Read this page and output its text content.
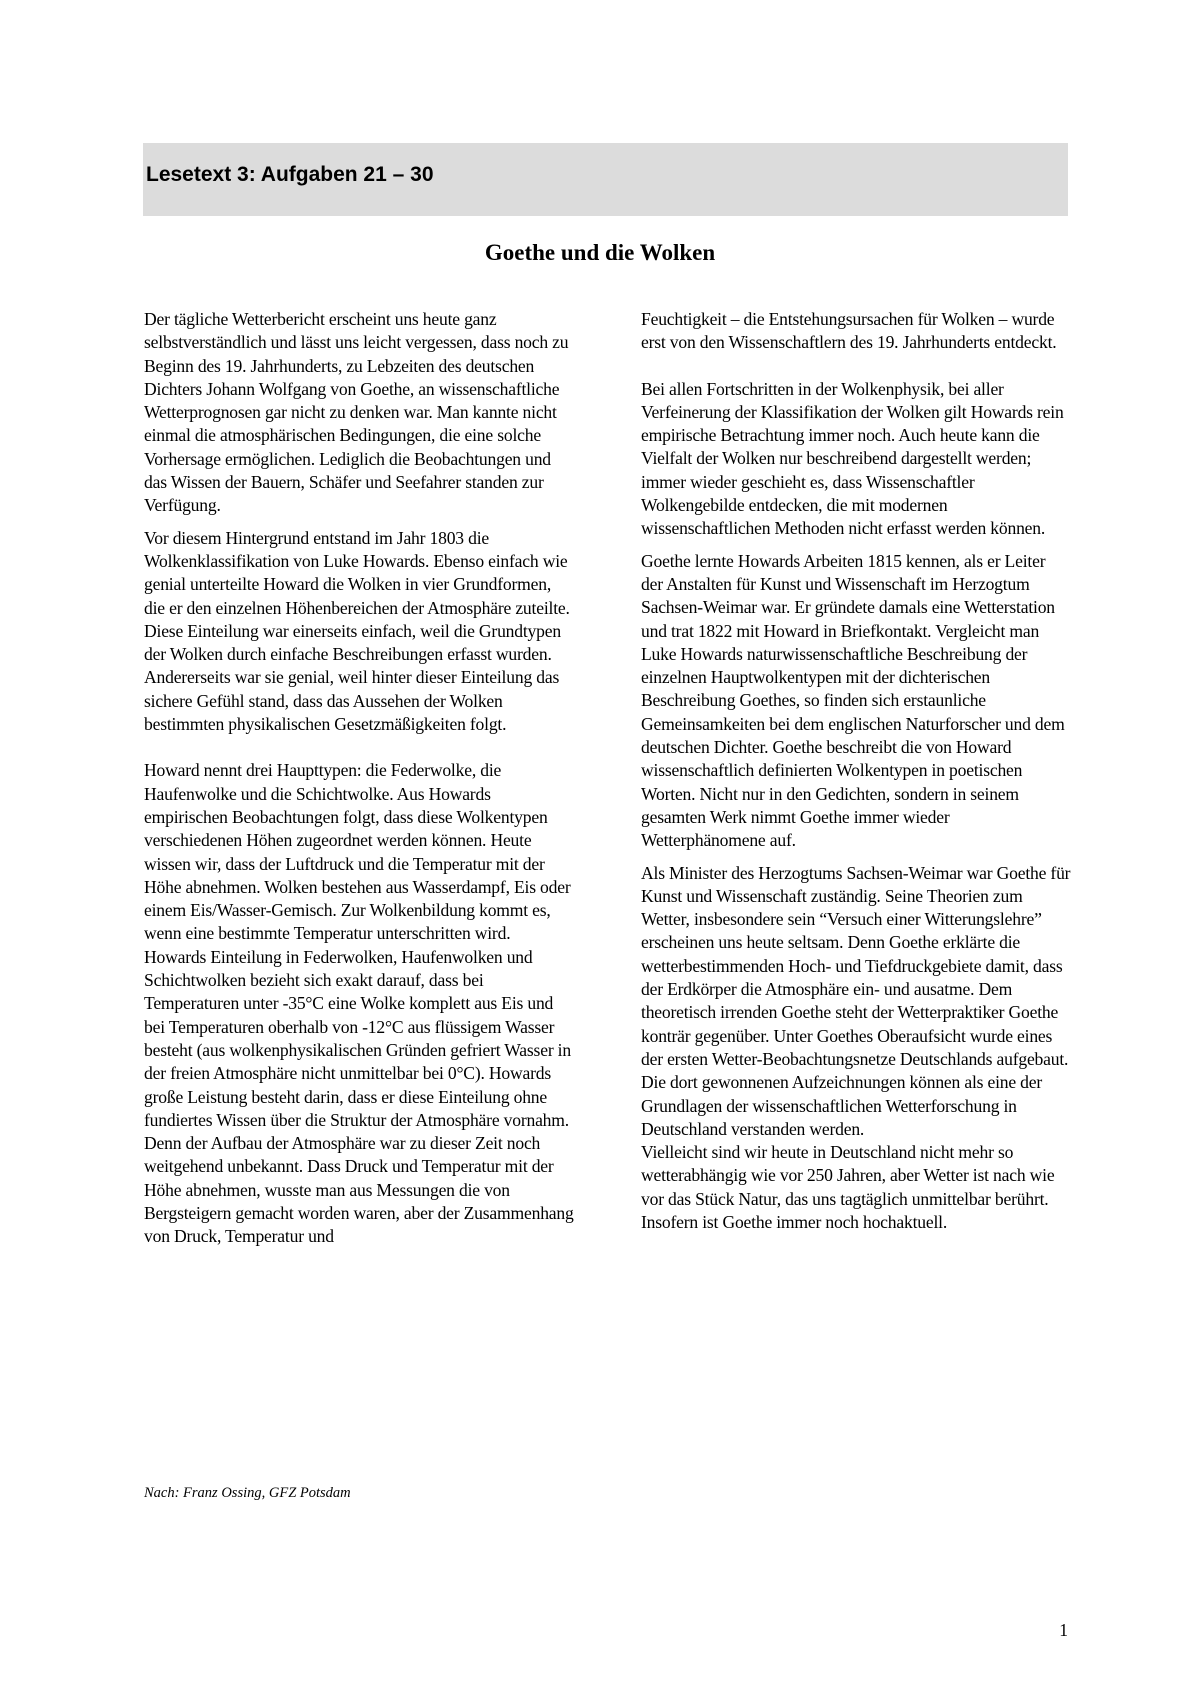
Lesetext 3: Aufgaben 21 – 30
Goethe und die Wolken

Der tägliche Wetterbericht erscheint uns heute ganz selbstverständlich und lässt uns leicht vergessen, dass noch zu Beginn des 19. Jahrhunderts, zu Lebzeiten des deutschen Dichters Johann Wolfgang von Goethe, an wissenschaftliche Wetterprognosen gar nicht zu denken war. Man kannte nicht einmal die atmosphärischen Bedingungen, die eine solche Vorhersage ermöglichen. Lediglich die Beobachtungen und das Wissen der Bauern, Schäfer und Seefahrer standen zur Verfügung.

Vor diesem Hintergrund entstand im Jahr 1803 die Wolkenklassifikation von Luke Howards. Ebenso einfach wie genial unterteilte Howard die Wolken in vier Grundformen, die er den einzelnen Höhenbereichen der Atmosphäre zuteilte. Diese Einteilung war einerseits einfach, weil die Grundtypen der Wolken durch einfache Beschreibungen erfasst wurden. Andererseits war sie genial, weil hinter dieser Einteilung das sichere Gefühl stand, dass das Aussehen der Wolken bestimmten physikalischen Gesetzmäßigkeiten folgt.

Howard nennt drei Haupttypen: die Federwolke, die Haufenwolke und die Schichtwolke. Aus Howards empirischen Beobachtungen folgt, dass diese Wolkentypen verschiedenen Höhen zugeordnet werden können. Heute wissen wir, dass der Luftdruck und die Temperatur mit der Höhe abnehmen. Wolken bestehen aus Wasserdampf, Eis oder einem Eis/Wasser-Gemisch. Zur Wolkenbildung kommt es, wenn eine bestimmte Temperatur unterschritten wird. Howards Einteilung in Federwolken, Haufenwolken und Schichtwolken bezieht sich exakt darauf, dass bei Temperaturen unter -35°C eine Wolke komplett aus Eis und bei Temperaturen oberhalb von -12°C aus flüssigem Wasser besteht (aus wolkenphysikalischen Gründen gefriert Wasser in der freien Atmosphäre nicht unmittelbar bei 0°C). Howards große Leistung besteht darin, dass er diese Einteilung ohne fundiertes Wissen über die Struktur der Atmosphäre vornahm. Denn der Aufbau der Atmosphäre war zu dieser Zeit noch weitgehend unbekannt. Dass Druck und Temperatur mit der Höhe abnehmen, wusste man aus Messungen die von Bergsteigern gemacht worden waren, aber der Zusammenhang von Druck, Temperatur und

Feuchtigkeit – die Entstehungsursachen für Wolken – wurde erst von den Wissenschaftlern des 19. Jahrhunderts entdeckt.

Bei allen Fortschritten in der Wolkenphysik, bei aller Verfeinerung der Klassifikation der Wolken gilt Howards rein empirische Betrachtung immer noch. Auch heute kann die Vielfalt der Wolken nur beschreibend dargestellt werden; immer wieder geschieht es, dass Wissenschaftler Wolkengebilde entdecken, die mit modernen wissenschaftlichen Methoden nicht erfasst werden können.

Goethe lernte Howards Arbeiten 1815 kennen, als er Leiter der Anstalten für Kunst und Wissenschaft im Herzogtum Sachsen-Weimar war. Er gründete damals eine Wetterstation und trat 1822 mit Howard in Briefkontakt. Vergleicht man Luke Howards naturwissenschaftliche Beschreibung der einzelnen Hauptwolkentypen mit der dichterischen Beschreibung Goethes, so finden sich erstaunliche Gemeinsamkeiten bei dem englischen Naturforscher und dem deutschen Dichter. Goethe beschreibt die von Howard wissenschaftlich definierten Wolkentypen in poetischen Worten. Nicht nur in den Gedichten, sondern in seinem gesamten Werk nimmt Goethe immer wieder Wetterphänomene auf.

Als Minister des Herzogtums Sachsen-Weimar war Goethe für Kunst und Wissenschaft zuständig. Seine Theorien zum Wetter, insbesondere sein “Versuch einer Witterungslehre” erscheinen uns heute seltsam. Denn Goethe erklärte die wetterbestimmenden Hoch- und Tiefdruckgebiete damit, dass der Erdkörper die Atmosphäre ein- und ausatme. Dem theoretisch irrenden Goethe steht der Wetterpraktiker Goethe konträr gegenüber. Unter Goethes Oberaufsicht wurde eines der ersten Wetter-Beobachtungsnetze Deutschlands aufgebaut. Die dort gewonnenen Aufzeichnungen können als eine der Grundlagen der wissenschaftlichen Wetterforschung in Deutschland verstanden werden.

Vielleicht sind wir heute in Deutschland nicht mehr so wetterabhängig wie vor 250 Jahren, aber Wetter ist nach wie vor das Stück Natur, das uns tagtäglich unmittelbar berührt. Insofern ist Goethe immer noch hochaktuell.

Nach: Franz Ossing, GFZ Potsdam
1
